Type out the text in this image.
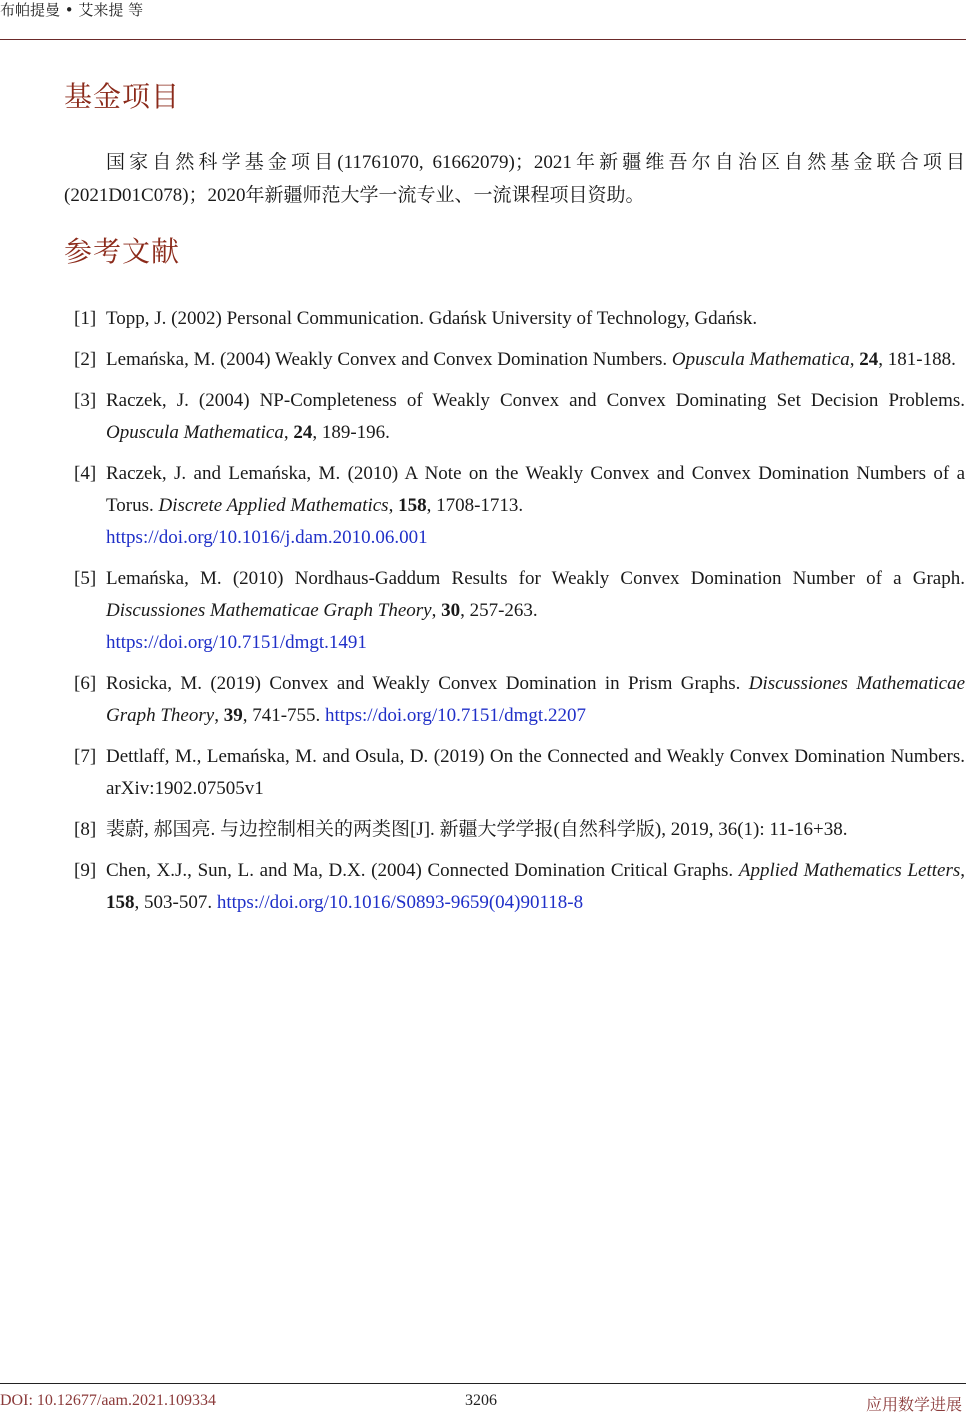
布帕提曼 • 艾来提 等
基金项目
国家自然科学基金项目(11761070, 61662079)；2021年新疆维吾尔自治区自然基金联合项目(2021D01C078)；2020年新疆师范大学一流专业、一流课程项目资助。
参考文献
[1] Topp, J. (2002) Personal Communication. Gdańsk University of Technology, Gdańsk.
[2] Lemańska, M. (2004) Weakly Convex and Convex Domination Numbers. Opuscula Mathematica, 24, 181-188.
[3] Raczek, J. (2004) NP-Completeness of Weakly Convex and Convex Dominating Set Decision Problems. Opuscula Mathematica, 24, 189-196.
[4] Raczek, J. and Lemańska, M. (2010) A Note on the Weakly Convex and Convex Domination Numbers of a Torus. Discrete Applied Mathematics, 158, 1708-1713.
https://doi.org/10.1016/j.dam.2010.06.001
[5] Lemańska, M. (2010) Nordhaus-Gaddum Results for Weakly Convex Domination Number of a Graph. Discussiones Mathematicae Graph Theory, 30, 257-263.
https://doi.org/10.7151/dmgt.1491
[6] Rosicka, M. (2019) Convex and Weakly Convex Domination in Prism Graphs. Discussiones Mathematicae Graph Theory, 39, 741-755. https://doi.org/10.7151/dmgt.2207
[7] Dettlaff, M., Lemańska, M. and Osula, D. (2019) On the Connected and Weakly Convex Domination Numbers. arXiv:1902.07505v1
[8] 裴蔚, 郝国亮. 与边控制相关的两类图[J]. 新疆大学学报(自然科学版), 2019, 36(1): 11-16+38.
[9] Chen, X.J., Sun, L. and Ma, D.X. (2004) Connected Domination Critical Graphs. Applied Mathematics Letters, 158, 503-507. https://doi.org/10.1016/S0893-9659(04)90118-8
DOI: 10.12677/aam.2021.109334	3206	应用数学进展
